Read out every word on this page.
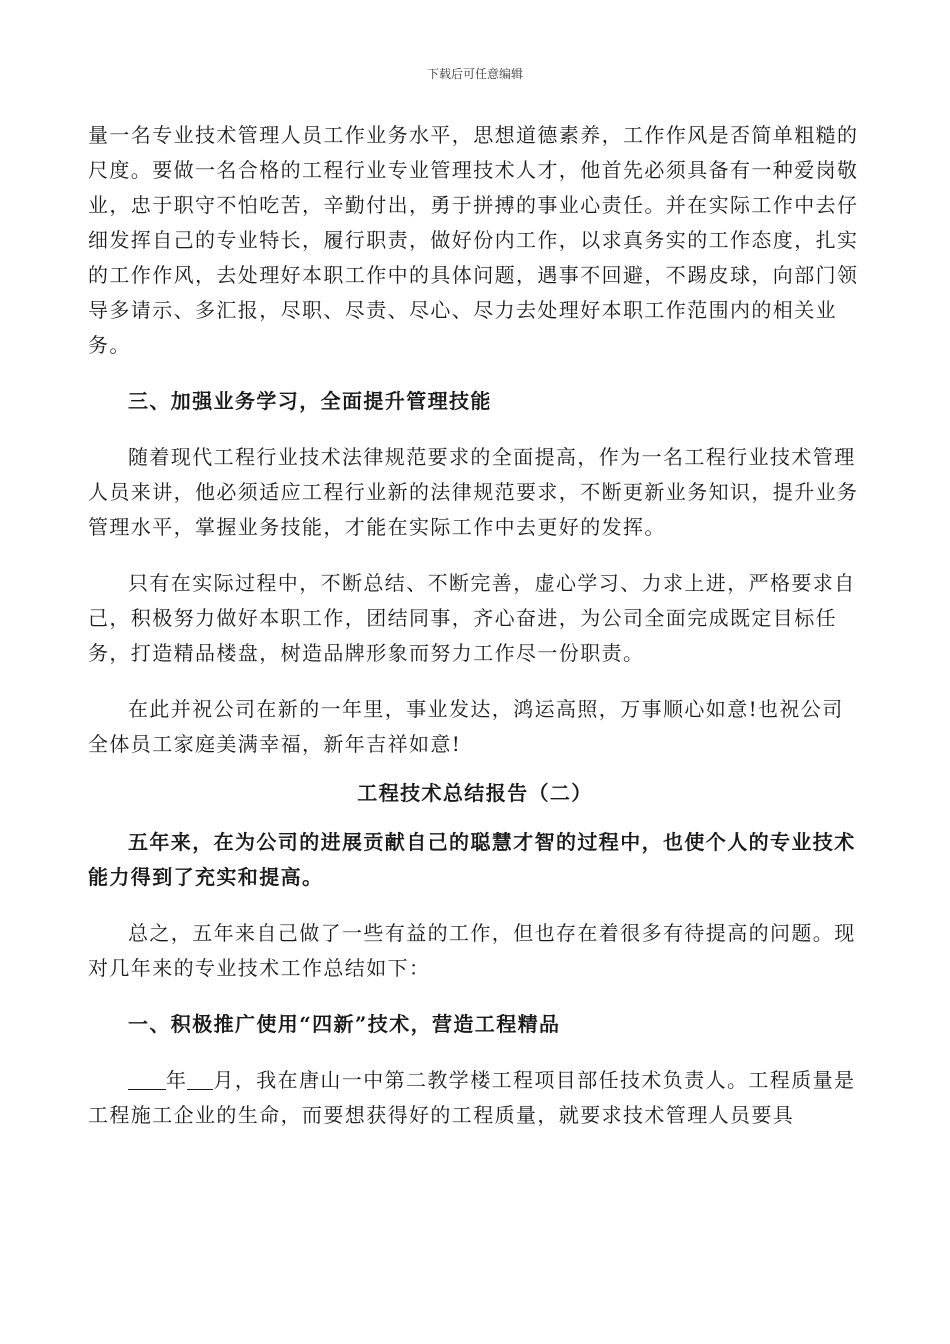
下载后可任意编辑

量一名专业技术管理人员工作业务水平，思想道德素养，工作作风是否简单粗糙的尺度。要做一名合格的工程行业专业管理技术人才，他首先必须具备有一种爱岗敬业，忠于职守不怕吃苦，辛勤付出，勇于拼搏的事业心责任。并在实际工作中去仔细发挥自己的专业特长，履行职责，做好份内工作，以求真务实的工作态度，扎实的工作作风，去处理好本职工作中的具体问题，遇事不回避，不踢皮球，向部门领导多请示、多汇报，尽职、尽责、尽心、尽力去处理好本职工作范围内的相关业务。

三、加强业务学习，全面提升管理技能

随着现代工程行业技术法律规范要求的全面提高，作为一名工程行业技术管理人员来讲，他必须适应工程行业新的法律规范要求，不断更新业务知识，提升业务管理水平，掌握业务技能，才能在实际工作中去更好的发挥。

只有在实际过程中，不断总结、不断完善，虚心学习、力求上进，严格要求自己，积极努力做好本职工作，团结同事，齐心奋进，为公司全面完成既定目标任务，打造精品楼盘，树造品牌形象而努力工作尽一份职责。

在此并祝公司在新的一年里，事业发达，鸿运高照，万事顺心如意!也祝公司全体员工家庭美满幸福，新年吉祥如意!

工程技术总结报告（二）

五年来，在为公司的进展贡献自己的聪慧才智的过程中，也使个人的专业技术能力得到了充实和提高。

总之，五年来自己做了一些有益的工作，但也存在着很多有待提高的问题。现对几年来的专业技术工作总结如下：

一、积极推广使用“四新”技术，营造工程精品

年 月，我在唐山一中第二教学楼工程项目部任技术负责人。工程质量是工程施工企业的生命，而要想获得好的工程质量，就要求技术管理人员要具
